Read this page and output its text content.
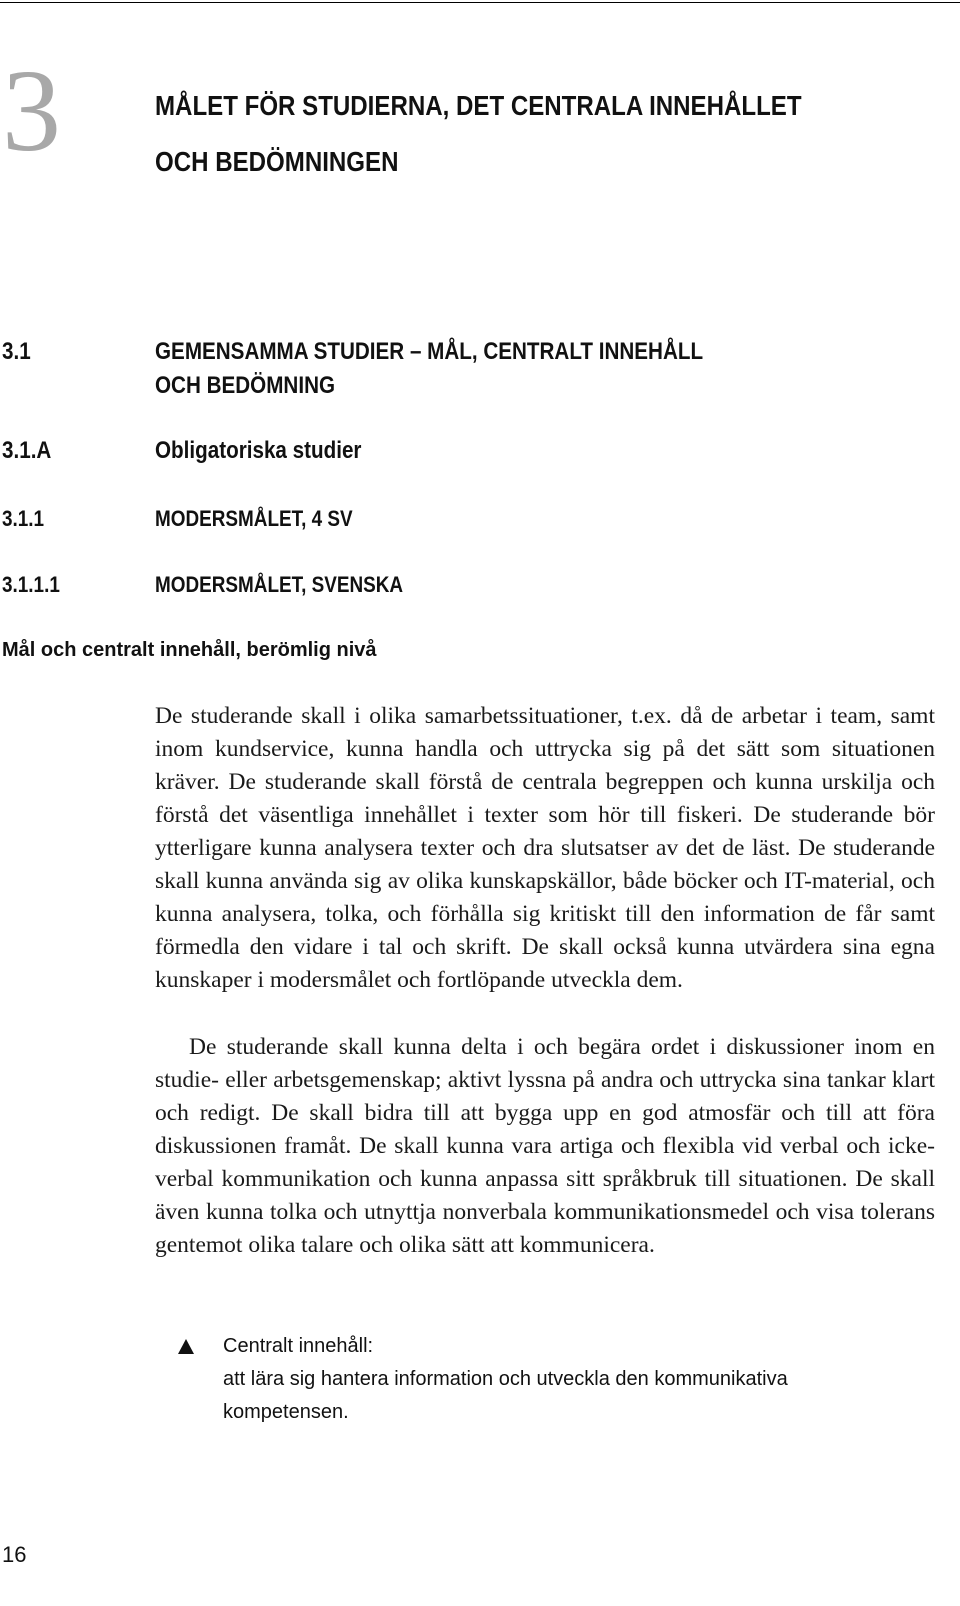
3	MÅLET FÖR STUDIERNA, DET CENTRALA INNEHÅLLET
OCH BEDÖMNINGEN
3.1	GEMENSAMMA STUDIER – MÅL, CENTRALT INNEHÅLL
OCH BEDÖMNING
3.1.A	Obligatoriska studier
3.1.1	MODERSMÅLET, 4 SV
3.1.1.1	MODERSMÅLET, SVENSKA
Mål och centralt innehåll, berömlig nivå

De studerande skall i olika samarbetssituationer, t.ex. då de arbetar i team, samt inom kundservice, kunna handla och uttrycka sig på det sätt som situationen kräver. De studerande skall förstå de centrala begreppen och kunna urskilja och förstå det väsentliga innehållet i texter som hör till fiskeri. De studerande bör ytterligare kunna analysera texter och dra slutsatser av det de läst. De studerande skall kunna använda sig av olika kunskapskällor, både böcker och IT-material, och kunna analysera, tolka, och förhålla sig kritiskt till den information de får samt förmedla den vidare i tal och skrift. De skall också kunna utvärdera sina egna kunskaper i modersmålet och fortlöpande utveckla dem.

De studerande skall kunna delta i och begära ordet i diskussioner inom en studie- eller arbetsgemenskap; aktivt lyssna på andra och uttrycka sina tankar klart och redigt. De skall bidra till att bygga upp en god atmosfär och till att föra diskussionen framåt. De skall kunna vara artiga och flexibla vid verbal och icke-verbal kommunikation och kunna anpassa sitt språkbruk till situationen. De skall även kunna tolka och utnyttja nonverbala kommunikationsmedel och visa tolerans gentemot olika talare och olika sätt att kommunicera.

Centralt innehåll:
att lära sig hantera information och utveckla den kommunikativa kompetensen.
16
